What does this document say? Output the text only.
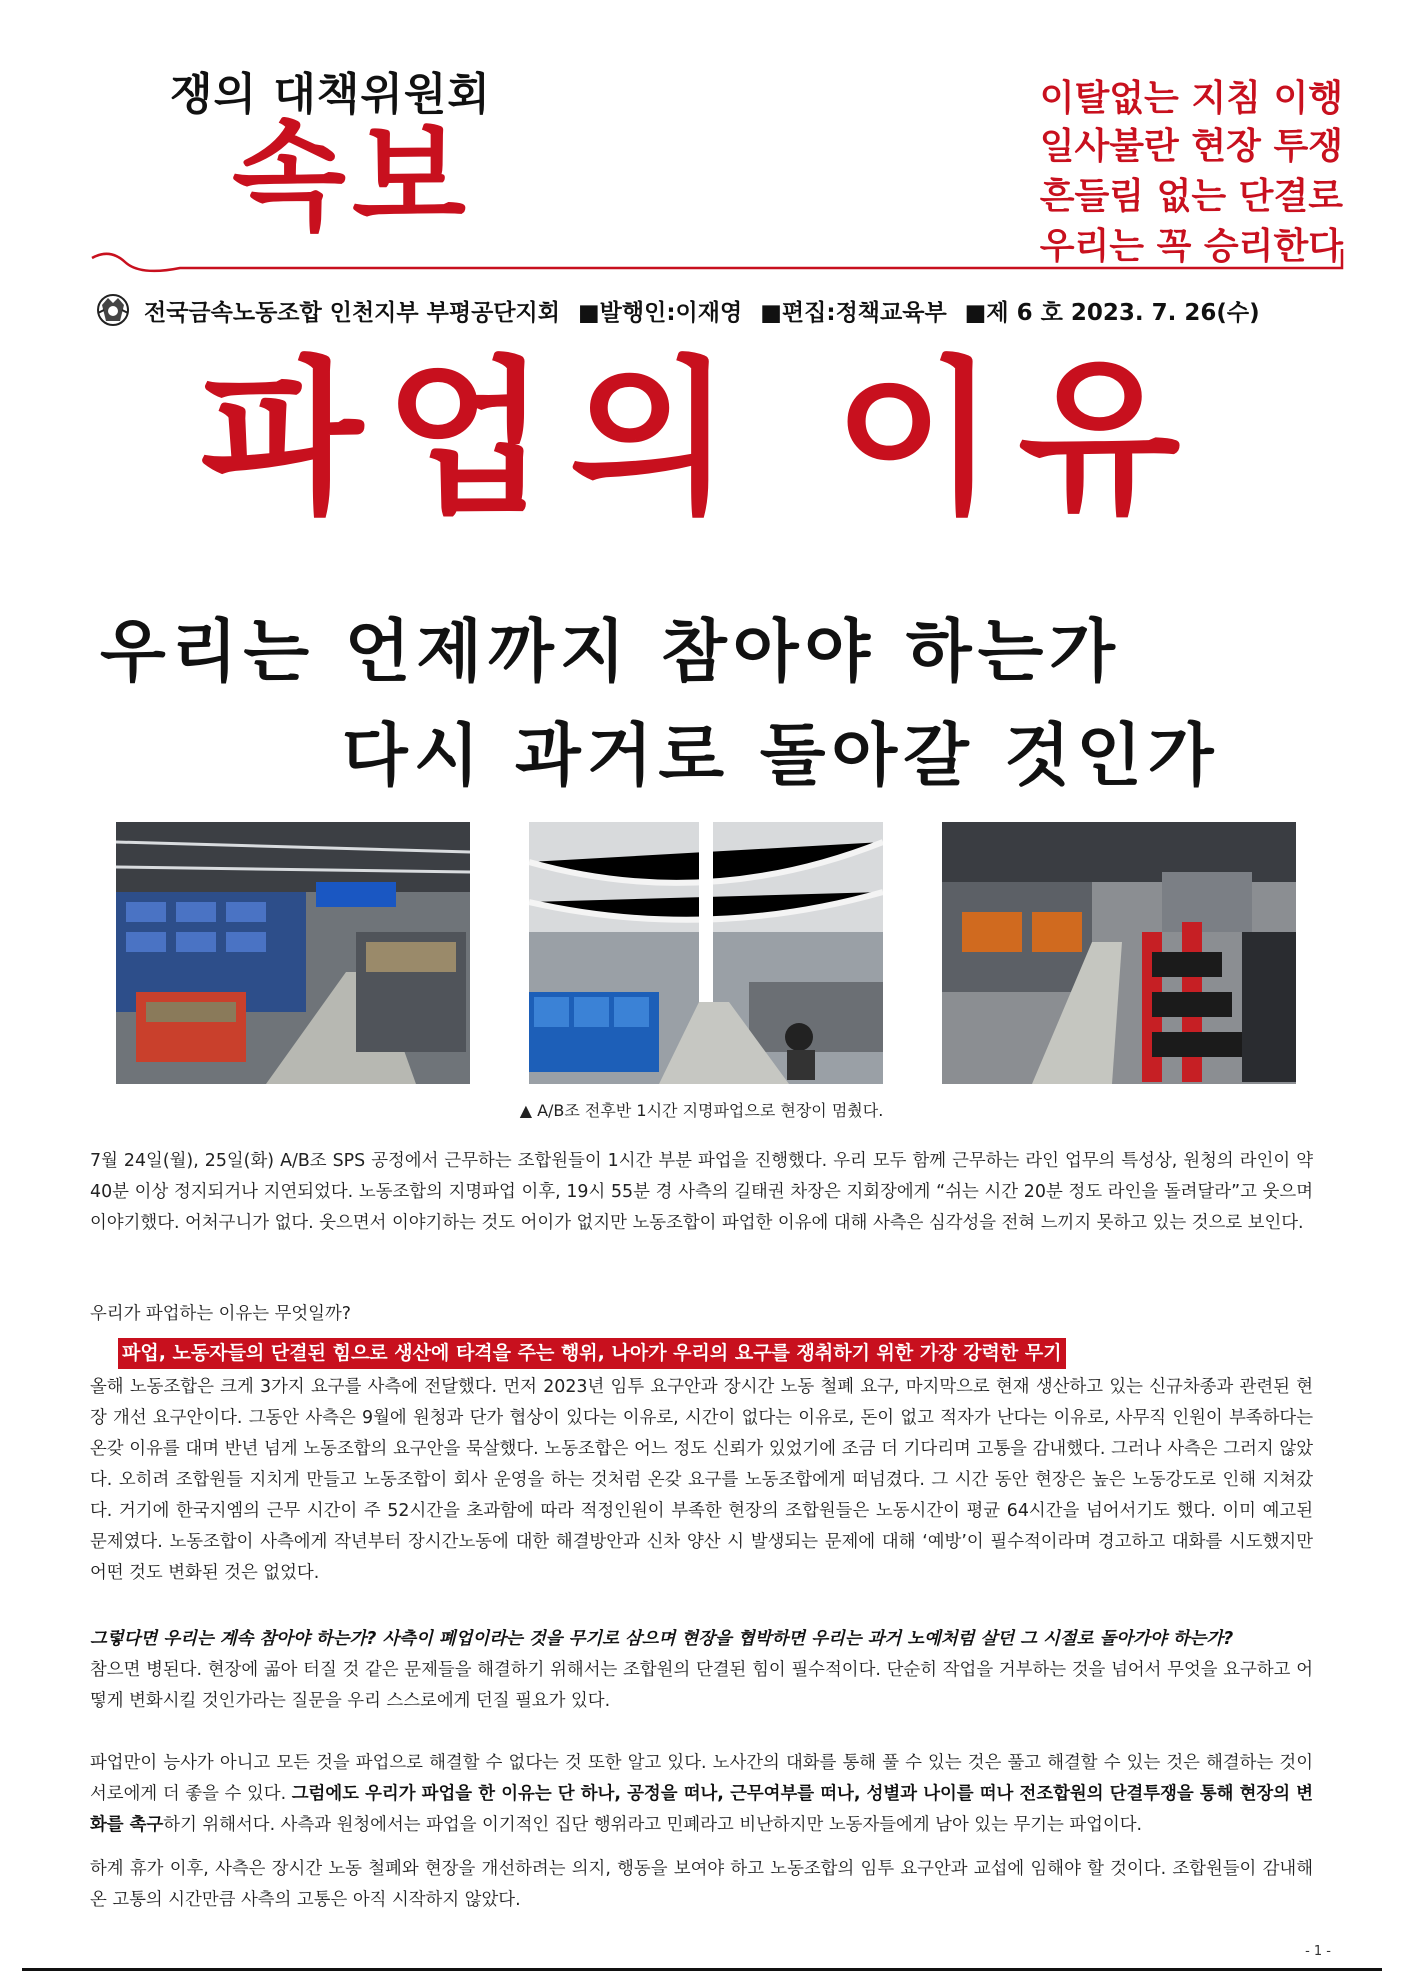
쟁의 대책위원회
속보
이탈없는 지침 이행
일사불란 현장 투쟁
흔들림 없는 단결로
우리는 꼭 승리한다
전국금속노동조합 인천지부 부평공단지회 ■발행인:이재영 ■편집:정책교육부 ■제 6 호 2023. 7. 26(수)
파업의 이유
우리는 언제까지 참아야 하는가
다시 과거로 돌아갈 것인가
▲ A/B조 전후반 1시간 지명파업으로 현장이 멈췄다.
7월 24일(월), 25일(화) A/B조 SPS 공정에서 근무하는 조합원들이 1시간 부분 파업을 진행했다. 우리 모두 함께 근무하는 라인 업무의 특성상, 원청의 라인이 약 40분 이상 정지되거나 지연되었다. 노동조합의 지명파업 이후, 19시 55분 경 사측의 길태권 차장은 지회장에게 “쉬는 시간 20분 정도 라인을 돌려달라”고 웃으며 이야기했다. 어처구니가 없다. 웃으면서 이야기하는 것도 어이가 없지만 노동조합이 파업한 이유에 대해 사측은 심각성을 전혀 느끼지 못하고 있는 것으로 보인다.
우리가 파업하는 이유는 무엇일까?
파업, 노동자들의 단결된 힘으로 생산에 타격을 주는 행위, 나아가 우리의 요구를 쟁취하기 위한 가장 강력한 무기
올해 노동조합은 크게 3가지 요구를 사측에 전달했다. 먼저 2023년 임투 요구안과 장시간 노동 철폐 요구, 마지막으로 현재 생산하고 있는 신규차종과 관련된 현장 개선 요구안이다. 그동안 사측은 9월에 원청과 단가 협상이 있다는 이유로, 시간이 없다는 이유로, 돈이 없고 적자가 난다는 이유로, 사무직 인원이 부족하다는 온갖 이유를 대며 반년 넘게 노동조합의 요구안을 묵살했다. 노동조합은 어느 정도 신뢰가 있었기에 조금 더 기다리며 고통을 감내했다. 그러나 사측은 그러지 않았다. 오히려 조합원들 지치게 만들고 노동조합이 회사 운영을 하는 것처럼 온갖 요구를 노동조합에게 떠넘겼다. 그 시간 동안 현장은 높은 노동강도로 인해 지쳐갔다. 거기에 한국지엠의 근무 시간이 주 52시간을 초과함에 따라 적정인원이 부족한 현장의 조합원들은 노동시간이 평균 64시간을 넘어서기도 했다. 이미 예고된 문제였다. 노동조합이 사측에게 작년부터 장시간노동에 대한 해결방안과 신차 양산 시 발생되는 문제에 대해 ‘예방’이 필수적이라며 경고하고 대화를 시도했지만 어떤 것도 변화된 것은 없었다.
그렇다면 우리는 계속 참아야 하는가? 사측이 폐업이라는 것을 무기로 삼으며 현장을 협박하면 우리는 과거 노예처럼 살던 그 시절로 돌아가야 하는가?
참으면 병된다. 현장에 곪아 터질 것 같은 문제들을 해결하기 위해서는 조합원의 단결된 힘이 필수적이다. 단순히 작업을 거부하는 것을 넘어서 무엇을 요구하고 어떻게 변화시킬 것인가라는 질문을 우리 스스로에게 던질 필요가 있다.
파업만이 능사가 아니고 모든 것을 파업으로 해결할 수 없다는 것 또한 알고 있다. 노사간의 대화를 통해 풀 수 있는 것은 풀고 해결할 수 있는 것은 해결하는 것이 서로에게 더 좋을 수 있다. 그럼에도 우리가 파업을 한 이유는 단 하나, 공정을 떠나, 근무여부를 떠나, 성별과 나이를 떠나 전조합원의 단결투쟁을 통해 현장의 변화를 촉구하기 위해서다. 사측과 원청에서는 파업을 이기적인 집단 행위라고 민폐라고 비난하지만 노동자들에게 남아 있는 무기는 파업이다.
하계 휴가 이후, 사측은 장시간 노동 철폐와 현장을 개선하려는 의지, 행동을 보여야 하고 노동조합의 임투 요구안과 교섭에 임해야 할 것이다. 조합원들이 감내해온 고통의 시간만큼 사측의 고통은 아직 시작하지 않았다.
- 1 -
